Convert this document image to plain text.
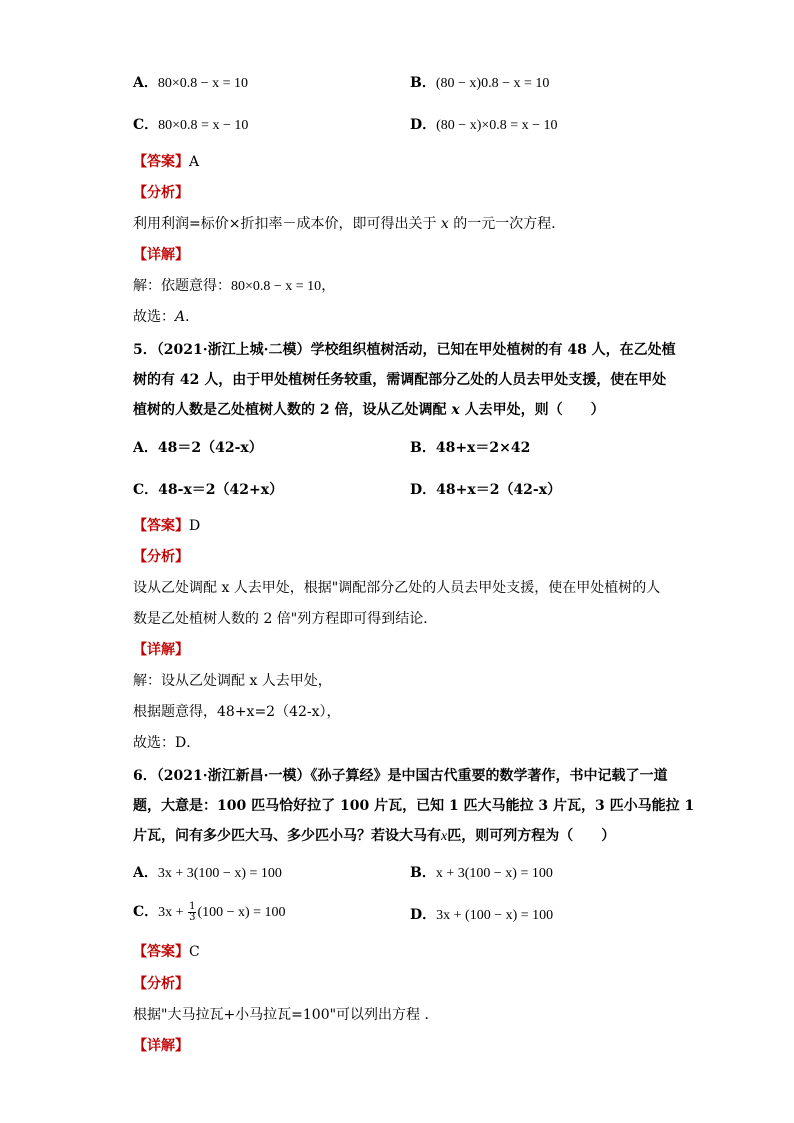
A．80×0.8 − x = 10	B．(80 − x)0.8 − x = 10
C．80×0.8 = x − 10	D．(80 − x)×0.8 = x − 10
【答案】A
【分析】
利用利润=标价×折扣率－成本价，即可得出关于 x 的一元一次方程．
【详解】
解：依题意得：80×0.8 − x = 10，
故选：A．
5．（2021·浙江上城·二模）学校组织植树活动，已知在甲处植树的有 48 人，在乙处植
树的有 42 人，由于甲处植树任务较重，需调配部分乙处的人员去甲处支援，使在甲处
植树的人数是乙处植树人数的 2 倍，设从乙处调配 x 人去甲处，则（　　）
A．48＝2（42-x）	B．48+x＝2×42
C．48-x＝2（42+x）	D．48+x＝2（42-x）
【答案】D
【分析】
设从乙处调配 x 人去甲处，根据"调配部分乙处的人员去甲处支援，使在甲处植树的人
数是乙处植树人数的 2 倍"列方程即可得到结论．
【详解】
解：设从乙处调配 x 人去甲处，
根据题意得，48+x=2（42-x），
故选：D．
6．（2021·浙江新昌·一模）《孙子算经》是中国古代重要的数学著作，书中记载了一道
题，大意是：100 匹马恰好拉了 100 片瓦，已知 1 匹大马能拉 3 片瓦，3 匹小马能拉 1
片瓦，问有多少匹大马、多少匹小马？若设大马有x匹，则可列方程为（　　）
A．3x + 3(100 − x) = 100	B．x + 3(100 − x) = 100
C．$3x + \frac{1}{3} (100 - x) = 100$	D．3x + (100 − x) = 100
【答案】C
【分析】
根据"大马拉瓦+小马拉瓦=100"可以列出方程 ．
【详解】
